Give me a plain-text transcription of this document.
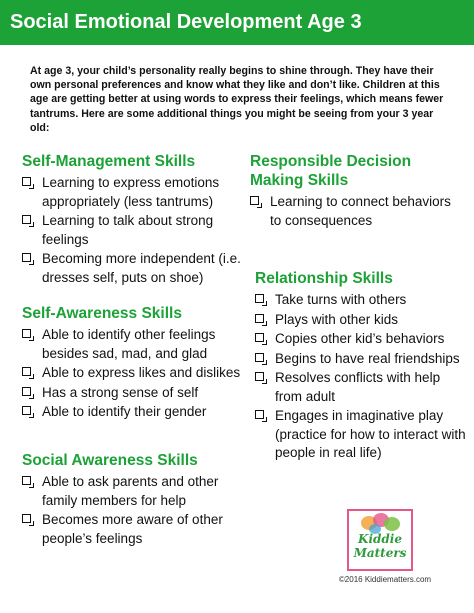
Social Emotional Development Age 3
At age 3, your child’s personality really begins to shine through. They have their own personal preferences and know what they like and don’t like. Children at this age are getting better at using words to express their feelings, which means fewer tantrums. Here are some additional things you might be seeing from your 3 year old:
Self-Management Skills
Learning to express emotions appropriately (less tantrums)
Learning to talk about strong feelings
Becoming more independent (i.e. dresses self, puts on shoe)
Self-Awareness Skills
Able to identify other feelings besides sad, mad, and glad
Able to express likes and dislikes
Has a strong sense of self
Able to identify their gender
Social Awareness Skills
Able to ask parents and other family members for help
Becomes more aware of other people’s feelings
Responsible Decision Making Skills
Learning to connect behaviors to consequences
Relationship Skills
Take turns with others
Plays with other kids
Copies other kid’s behaviors
Begins to have real friendships
Resolves conflicts with help from adult
Engages in imaginative play (practice for how to interact with people in real life)
Kiddie
Matters
©2016 Kiddiematters.com
